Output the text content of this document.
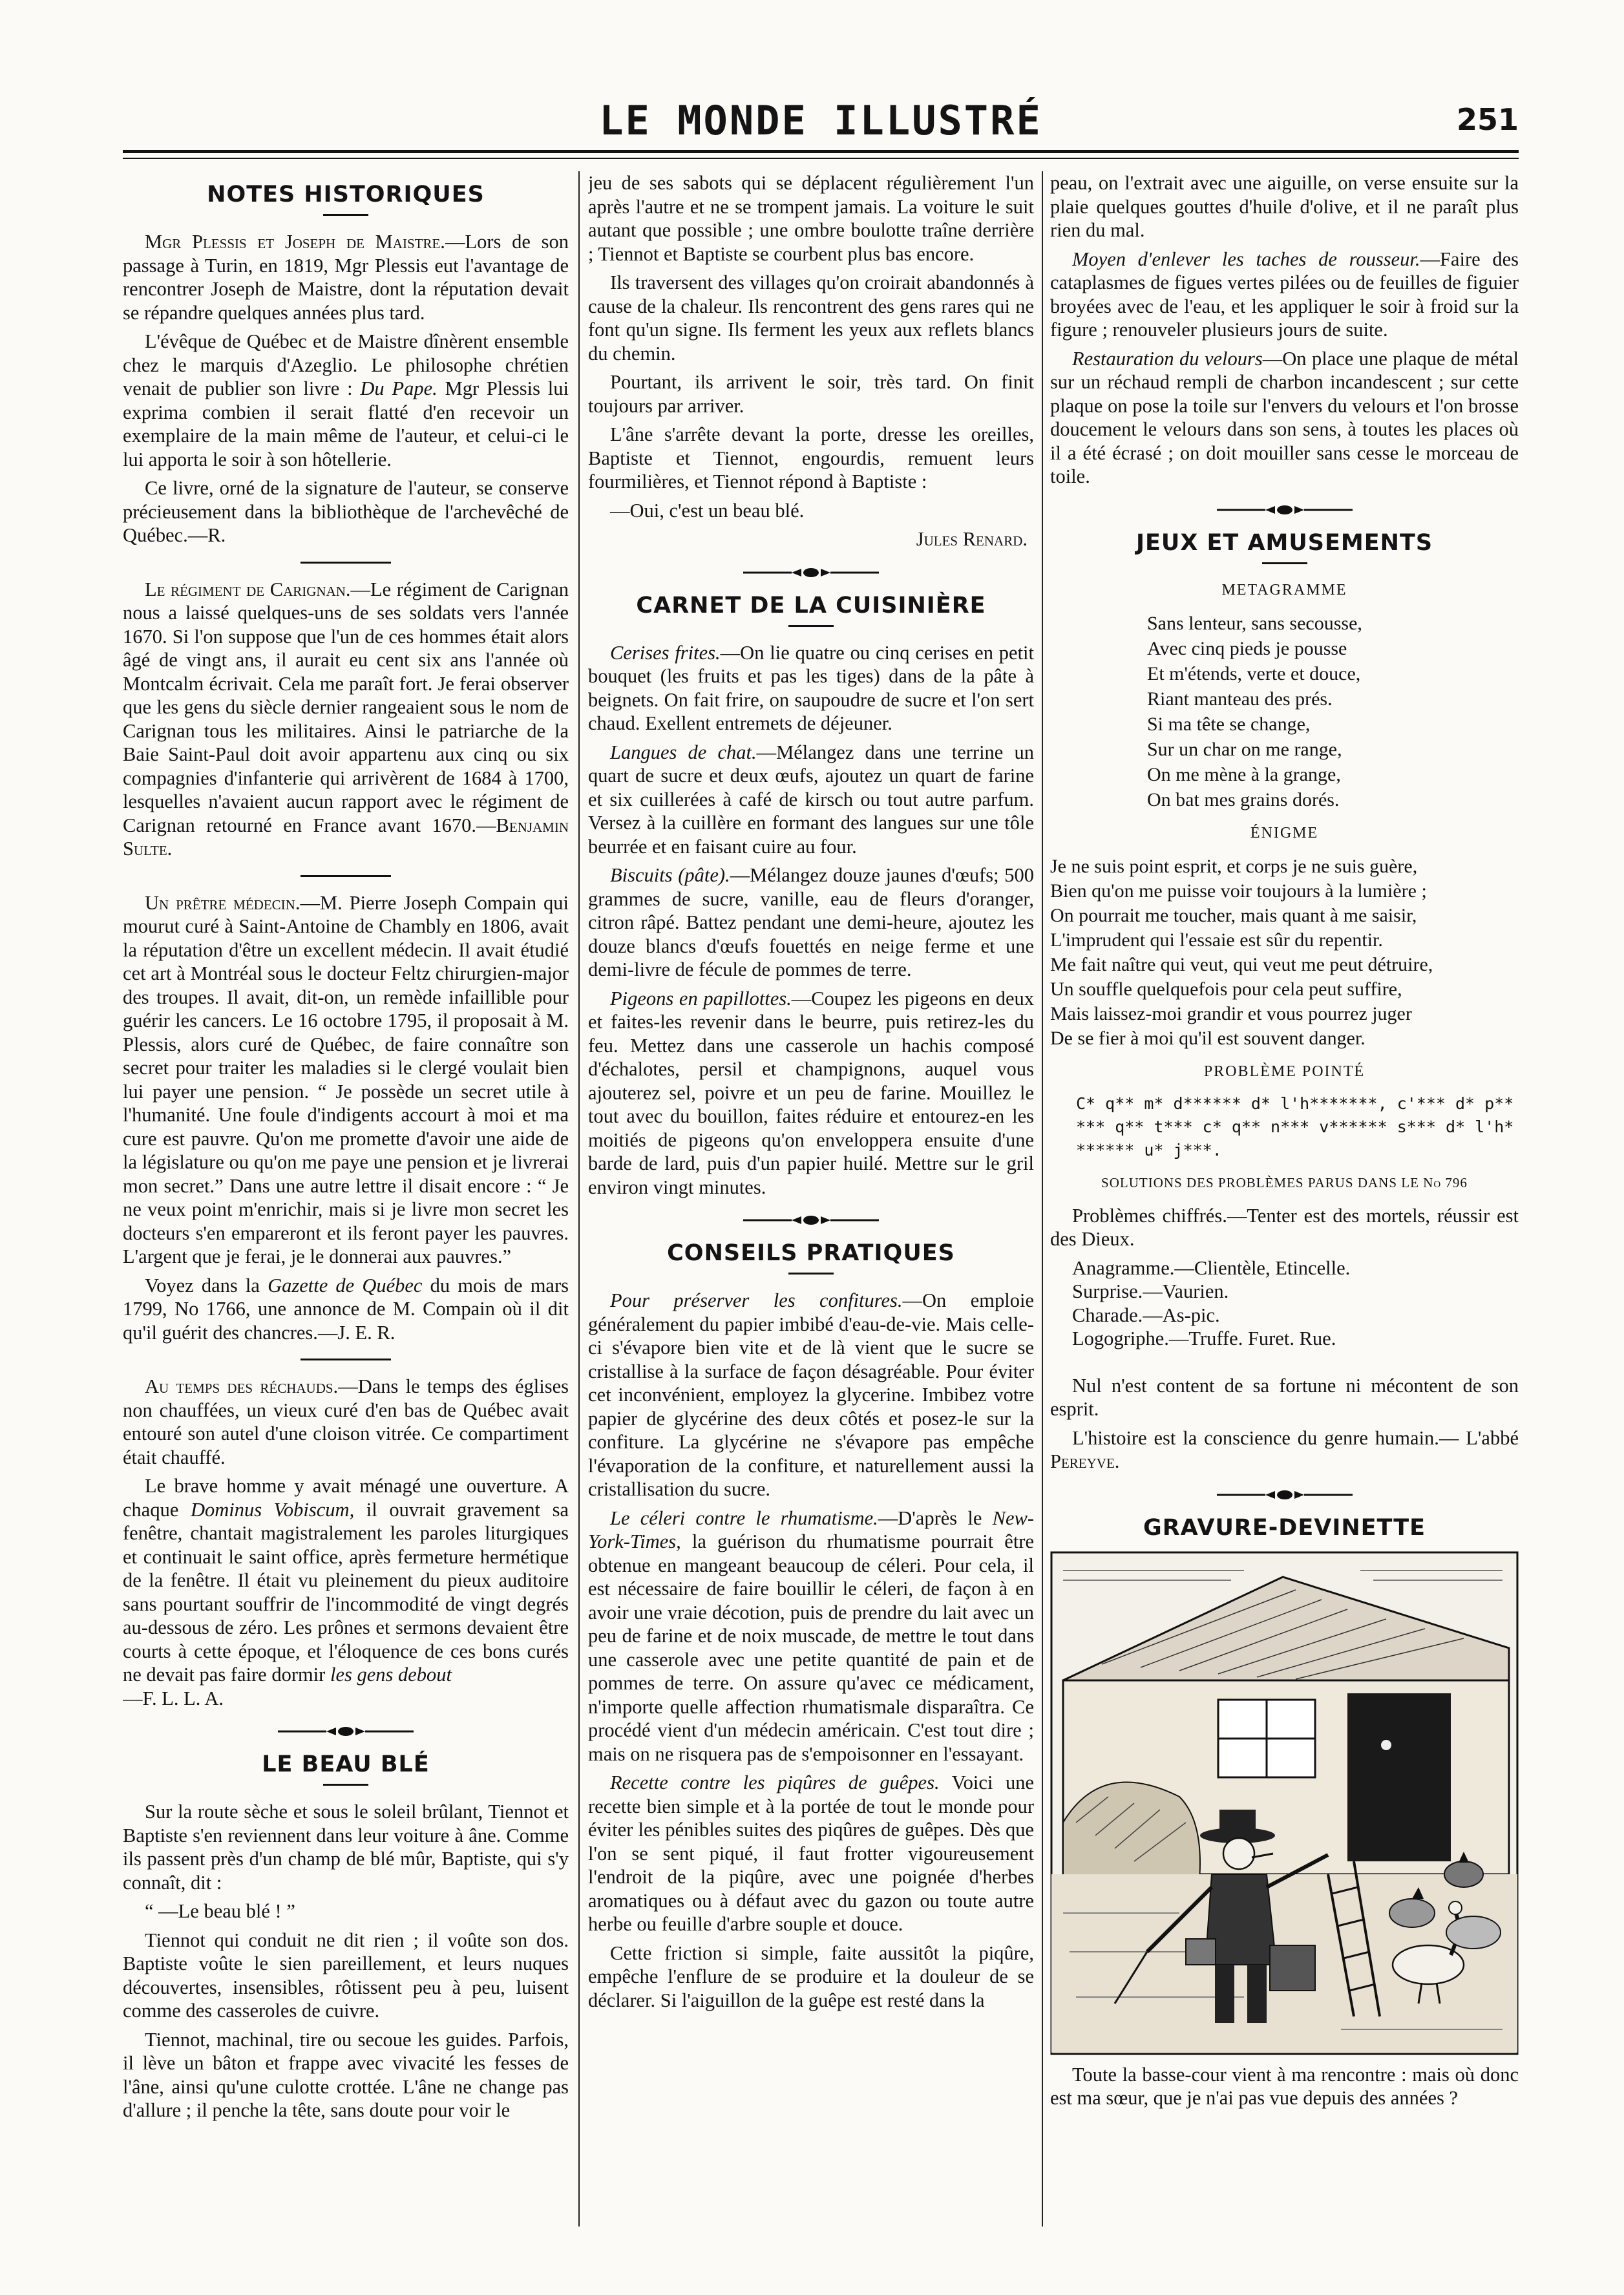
LE MONDE ILLUSTRÉ	251
NOTES HISTORIQUES

Mgr Plessis et Joseph de Maistre.—Lors de son passage à Turin, en 1819, Mgr Plessis eut l'avantage de rencontrer Joseph de Maistre, dont la réputation devait se répandre quelques années plus tard.

L'évêque de Québec et de Maistre dînèrent ensemble chez le marquis d'Azeglio. Le philosophe chrétien venait de publier son livre : Du Pape. Mgr Plessis lui exprima combien il serait flatté d'en recevoir un exemplaire de la main même de l'auteur, et celui-ci le lui apporta le soir à son hôtellerie.

Ce livre, orné de la signature de l'auteur, se conserve précieusement dans la bibliothèque de l'archevêché de Québec.—R.

Le régiment de Carignan.—Le régiment de Carignan nous a laissé quelques-uns de ses soldats vers l'année 1670. Si l'on suppose que l'un de ces hommes était alors âgé de vingt ans, il aurait eu cent six ans l'année où Montcalm écrivait. Cela me paraît fort. Je ferai observer que les gens du siècle dernier rangeaient sous le nom de Carignan tous les militaires. Ainsi le patriarche de la Baie Saint-Paul doit avoir appartenu aux cinq ou six compagnies d'infanterie qui arrivèrent de 1684 à 1700, lesquelles n'avaient aucun rapport avec le régiment de Carignan retourné en France avant 1670.—Benjamin Sulte.

Un prêtre médecin.—M. Pierre Joseph Compain qui mourut curé à Saint-Antoine de Chambly en 1806, avait la réputation d'être un excellent médecin. Il avait étudié cet art à Montréal sous le docteur Feltz chirurgien-major des troupes. Il avait, dit-on, un remède infaillible pour guérir les cancers. Le 16 octobre 1795, il proposait à M. Plessis, alors curé de Québec, de faire connaître son secret pour traiter les maladies si le clergé voulait bien lui payer une pension. “ Je possède un secret utile à l'humanité. Une foule d'indigents accourt à moi et ma cure est pauvre. Qu'on me promette d'avoir une aide de la législature ou qu'on me paye une pension et je livrerai mon secret.” Dans une autre lettre il disait encore : “ Je ne veux point m'enrichir, mais si je livre mon secret les docteurs s'en empareront et ils feront payer les pauvres. L'argent que je ferai, je le donnerai aux pauvres.”

Voyez dans la Gazette de Québec du mois de mars 1799, No 1766, une annonce de M. Compain où il dit qu'il guérit des chancres.—J. E. R.

Au temps des réchauds.—Dans le temps des églises non chauffées, un vieux curé d'en bas de Québec avait entouré son autel d'une cloison vitrée. Ce compartiment était chauffé.

Le brave homme y avait ménagé une ouverture. A chaque Dominus Vobiscum, il ouvrait gravement sa fenêtre, chantait magistralement les paroles liturgiques et continuait le saint office, après fermeture hermétique de la fenêtre. Il était vu pleinement du pieux auditoire sans pourtant souffrir de l'incommodité de vingt degrés au-dessous de zéro. Les prônes et sermons devaient être courts à cette époque, et l'éloquence de ces bons curés ne devait pas faire dormir les gens debout
—F. L. L. A.

LE BEAU BLÉ

Sur la route sèche et sous le soleil brûlant, Tiennot et Baptiste s'en reviennent dans leur voiture à âne. Comme ils passent près d'un champ de blé mûr, Baptiste, qui s'y connaît, dit :

“ —Le beau blé ! ”

Tiennot qui conduit ne dit rien ; il voûte son dos. Baptiste voûte le sien pareillement, et leurs nuques découvertes, insensibles, rôtissent peu à peu, luisent comme des casseroles de cuivre.

Tiennot, machinal, tire ou secoue les guides. Parfois, il lève un bâton et frappe avec vivacité les fesses de l'âne, ainsi qu'une culotte crottée. L'âne ne change pas d'allure ; il penche la tête, sans doute pour voir le

jeu de ses sabots qui se déplacent régulièrement l'un après l'autre et ne se trompent jamais. La voiture le suit autant que possible ; une ombre boulotte traîne derrière ; Tiennot et Baptiste se courbent plus bas encore.

Ils traversent des villages qu'on croirait abandonnés à cause de la chaleur. Ils rencontrent des gens rares qui ne font qu'un signe. Ils ferment les yeux aux reflets blancs du chemin.

Pourtant, ils arrivent le soir, très tard. On finit toujours par arriver.

L'âne s'arrête devant la porte, dresse les oreilles, Baptiste et Tiennot, engourdis, remuent leurs fourmilières, et Tiennot répond à Baptiste :

—Oui, c'est un beau blé.

Jules Renard.
CARNET DE LA CUISINIÈRE

Cerises frites.—On lie quatre ou cinq cerises en petit bouquet (les fruits et pas les tiges) dans de la pâte à beignets. On fait frire, on saupoudre de sucre et l'on sert chaud. Exellent entremets de déjeuner.

Langues de chat.—Mélangez dans une terrine un quart de sucre et deux œufs, ajoutez un quart de farine et six cuillerées à café de kirsch ou tout autre parfum. Versez à la cuillère en formant des langues sur une tôle beurrée et en faisant cuire au four.

Biscuits (pâte).—Mélangez douze jaunes d'œufs; 500 grammes de sucre, vanille, eau de fleurs d'oranger, citron râpé. Battez pendant une demi-heure, ajoutez les douze blancs d'œufs fouettés en neige ferme et une demi-livre de fécule de pommes de terre.

Pigeons en papillottes.—Coupez les pigeons en deux et faites-les revenir dans le beurre, puis retirez-les du feu. Mettez dans une casserole un hachis composé d'échalotes, persil et champignons, auquel vous ajouterez sel, poivre et un peu de farine. Mouillez le tout avec du bouillon, faites réduire et entourez-en les moitiés de pigeons qu'on enveloppera ensuite d'une barde de lard, puis d'un papier huilé. Mettre sur le gril environ vingt minutes.

CONSEILS PRATIQUES

Pour préserver les confitures.—On emploie généralement du papier imbibé d'eau-de-vie. Mais celle-ci s'évapore bien vite et de là vient que le sucre se cristallise à la surface de façon désagréable. Pour éviter cet inconvénient, employez la glycerine. Imbibez votre papier de glycérine des deux côtés et posez-le sur la confiture. La glycérine ne s'évapore pas empêche l'évaporation de la confiture, et naturellement aussi la cristallisation du sucre.

Le céleri contre le rhumatisme.—D'après le New-York-Times, la guérison du rhumatisme pourrait être obtenue en mangeant beaucoup de céleri. Pour cela, il est nécessaire de faire bouillir le céleri, de façon à en avoir une vraie décotion, puis de prendre du lait avec un peu de farine et de noix muscade, de mettre le tout dans une casserole avec une petite quantité de pain et de pommes de terre. On assure qu'avec ce médicament, n'importe quelle affection rhumatismale disparaîtra. Ce procédé vient d'un médecin américain. C'est tout dire ; mais on ne risquera pas de s'empoisonner en l'essayant.

Recette contre les piqûres de guêpes. Voici une recette bien simple et à la portée de tout le monde pour éviter les pénibles suites des piqûres de guêpes. Dès que l'on se sent piqué, il faut frotter vigoureusement l'endroit de la piqûre, avec une poignée d'herbes aromatiques ou à défaut avec du gazon ou toute autre herbe ou feuille d'arbre souple et douce.

Cette friction si simple, faite aussitôt la piqûre, empêche l'enflure de se produire et la douleur de se déclarer. Si l'aiguillon de la guêpe est resté dans la

peau, on l'extrait avec une aiguille, on verse ensuite sur la plaie quelques gouttes d'huile d'olive, et il ne paraît plus rien du mal.

Moyen d'enlever les taches de rousseur.—Faire des cataplasmes de figues vertes pilées ou de feuilles de figuier broyées avec de l'eau, et les appliquer le soir à froid sur la figure ; renouveler plusieurs jours de suite.

Restauration du velours—On place une plaque de métal sur un réchaud rempli de charbon incandescent ; sur cette plaque on pose la toile sur l'envers du velours et l'on brosse doucement le velours dans son sens, à toutes les places où il a été écrasé ; on doit mouiller sans cesse le morceau de toile.

JEUX ET AMUSEMENTS
METAGRAMME
Sans lenteur, sans secousse,
Avec cinq pieds je pousse
Et m'étends, verte et douce,
Riant manteau des prés.
Si ma tête se change,
Sur un char on me range,
On me mène à la grange,
On bat mes grains dorés.
ÉNIGME
Je ne suis point esprit, et corps je ne suis guère,
Bien qu'on me puisse voir toujours à la lumière ;
On pourrait me toucher, mais quant à me saisir,
L'imprudent qui l'essaie est sûr du repentir.
Me fait naître qui veut, qui veut me peut détruire,
Un souffle quelquefois pour cela peut suffire,
Mais laissez-moi grandir et vous pourrez juger
De se fier à moi qu'il est souvent danger.
PROBLÈME POINTÉ
C* q** m* d****** d* l'h*******, c'*** d* p***** q** t*** c* q** n*** v****** s*** d* l'h******* u* j***.
SOLUTIONS DES PROBLÈMES PARUS DANS LE No 796

Problèmes chiffrés.—Tenter est des mortels, réussir est des Dieux.

Anagramme.—Clientèle, Etincelle.
Surprise.—Vaurien.
Charade.—As-pic.
Logogriphe.—Truffe. Furet. Rue.

Nul n'est content de sa fortune ni mécontent de son esprit.

L'histoire est la conscience du genre humain.— L'abbé Pereyve.

GRAVURE-DEVINETTE

Toute la basse-cour vient à ma rencontre : mais où donc est ma sœur, que je n'ai pas vue depuis des années ?
